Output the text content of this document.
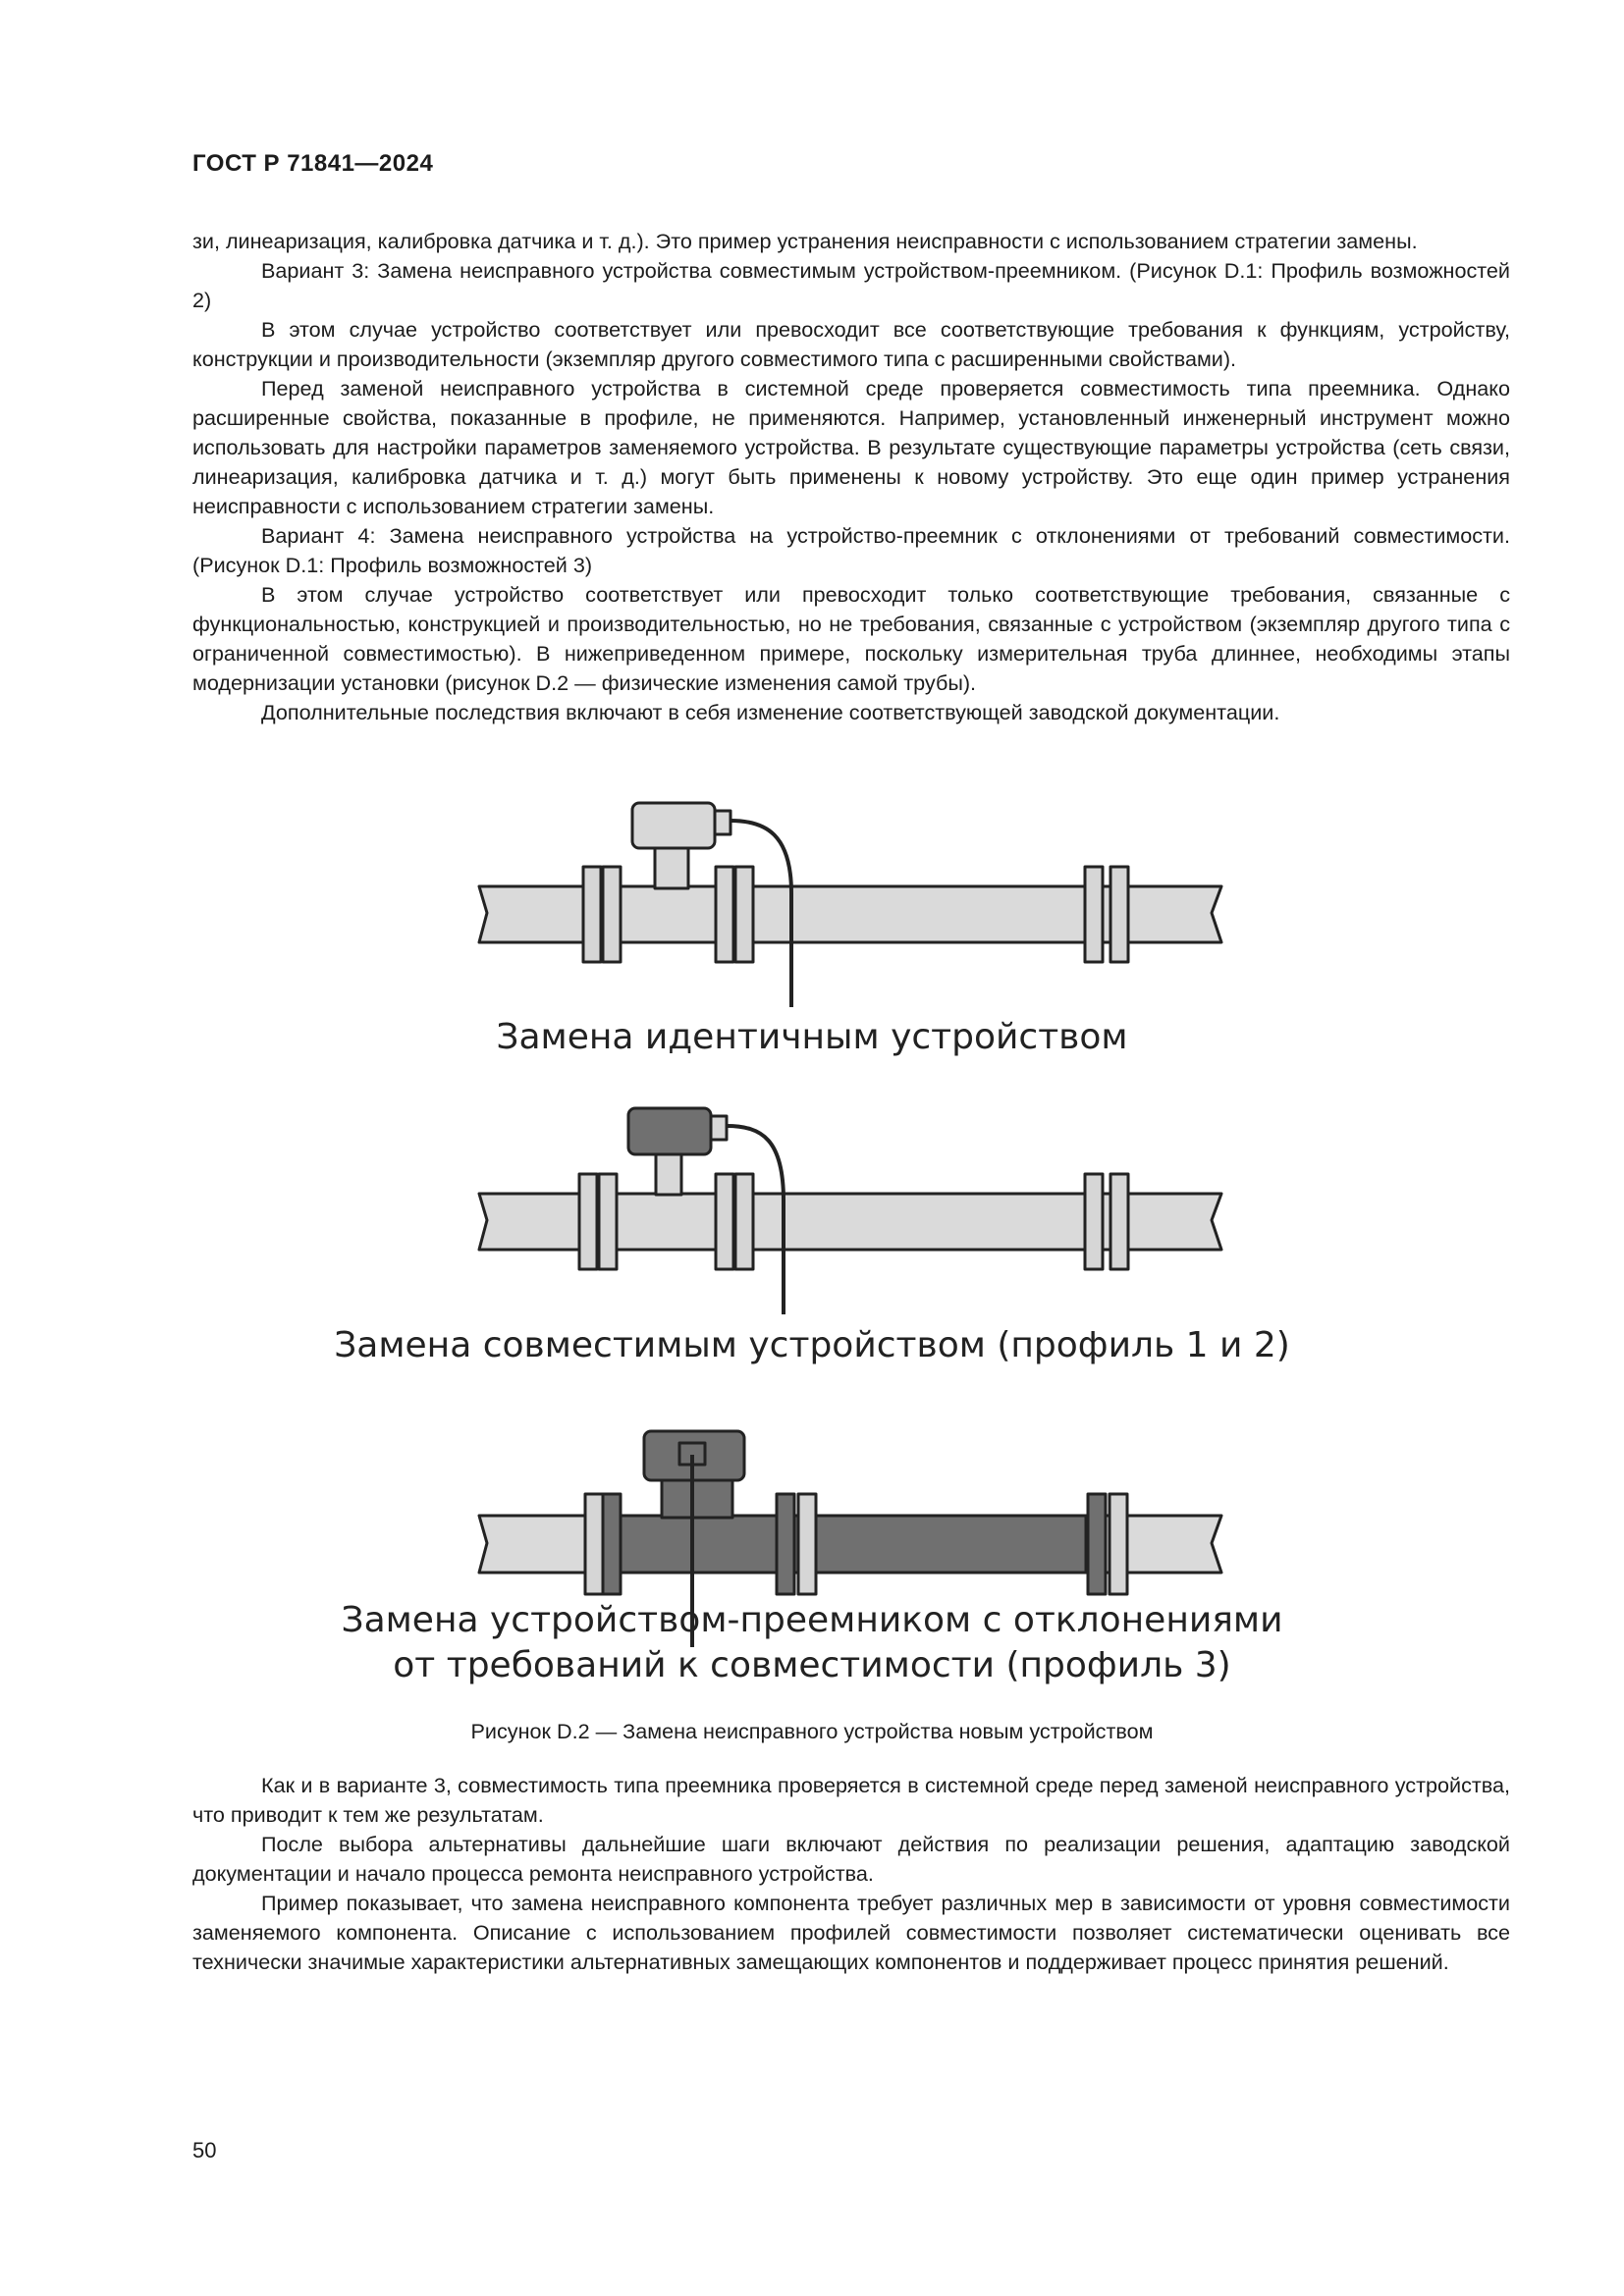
ГОСТ Р 71841—2024

зи, линеаризация, калибровка датчика и т. д.). Это пример устранения неисправности с использованием стратегии замены.

Вариант 3: Замена неисправного устройства совместимым устройством-преемником. (Рисунок D.1: Профиль возможностей 2)

В этом случае устройство соответствует или превосходит все соответствующие требования к функциям, устройству, конструкции и производительности (экземпляр другого совместимого типа с расширенными свойствами).

Перед заменой неисправного устройства в системной среде проверяется совместимость типа преемника. Однако расширенные свойства, показанные в профиле, не применяются. Например, установленный инженерный инструмент можно использовать для настройки параметров заменяемого устройства. В результате существующие параметры устройства (сеть связи, линеаризация, калибровка датчика и т. д.) могут быть применены к новому устройству. Это еще один пример устранения неисправности с использованием стратегии замены.

Вариант 4: Замена неисправного устройства на устройство-преемник с отклонениями от требований совместимости. (Рисунок D.1: Профиль возможностей 3)

В этом случае устройство соответствует или превосходит только соответствующие требования, связанные с функциональностью, конструкцией и производительностью, но не требования, связанные с устройством (экземпляр другого типа с ограниченной совместимостью). В нижеприведенном примере, поскольку измерительная труба длиннее, необходимы этапы модернизации установки (рисунок D.2 — физические изменения самой трубы).

Дополнительные последствия включают в себя изменение соответствующей заводской документации.

Замена идентичным устройством
Замена совместимым устройством (профиль 1 и 2)
Замена устройством-преемником с отклонениями
от требований к совместимости (профиль 3)
Рисунок D.2 — Замена неисправного устройства новым устройством

Как и в варианте 3, совместимость типа преемника проверяется в системной среде перед заменой неисправного устройства, что приводит к тем же результатам.

После выбора альтернативы дальнейшие шаги включают действия по реализации решения, адаптацию заводской документации и начало процесса ремонта неисправного устройства.

Пример показывает, что замена неисправного компонента требует различных мер в зависимости от уровня совместимости заменяемого компонента. Описание с использованием профилей совместимости позволяет систематически оценивать все технически значимые характеристики альтернативных замещающих компонентов и поддерживает процесс принятия решений.

50
